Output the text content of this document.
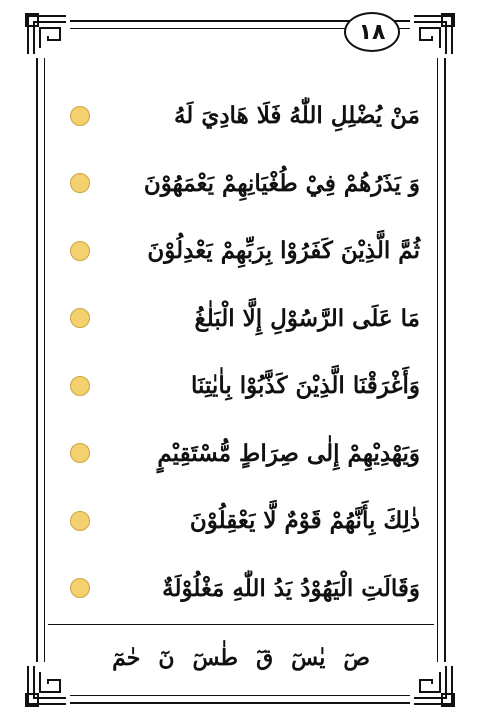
١٨
مَنْ يُضْلِلِ اللّٰهُ فَلَا هَادِيَ لَهُ
وَ يَذَرُهُمْ فِيْ طُغْيَانِهِمْ يَعْمَهُوْنَ
ثُمَّ الَّذِيْنَ كَفَرُوْا بِرَبِّهِمْ يَعْدِلُوْنَ
مَا عَلَى الرَّسُوْلِ إِلَّا الْبَلٰغُ
وَأَغْرَقْنَا الَّذِيْنَ كَذَّبُوْا بِاٰيٰتِنَا
وَيَهْدِيْهِمْ إِلٰى صِرَاطٍ مُّسْتَقِيْمٍ
ذٰلِكَ بِأَنَّهُمْ قَوْمٌ لَّا يَعْقِلُوْنَ
وَقَالَتِ الْيَهُوْدُ يَدُ اللّٰهِ مَغْلُوْلَةٌ
حٰمٓ نٓ طٰسٓ قٓ يٰسٓ صٓ
